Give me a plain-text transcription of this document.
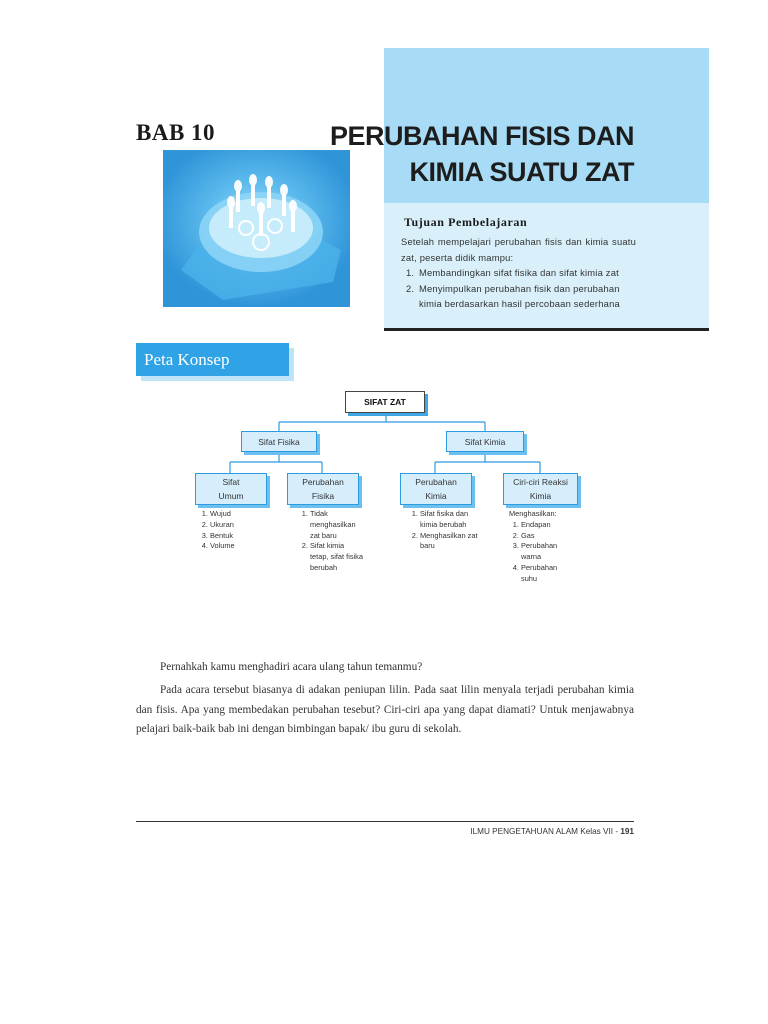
BAB 10	PERUBAHAN FISIS DAN
KIMIA SUATU ZAT
Tujuan Pembelajaran

Setelah mempelajari perubahan fisis dan kimia suatu zat, peserta didik mampu:

1. Membandingkan sifat fisika dan sifat kimia zat
2. Menyimpulkan perubahan fisik dan perubahan kimia berdasarkan hasil percobaan sederhana
Peta Konsep
SIFAT ZAT
Sifat Fisika	Sifat Kimia
Sifat
Umum
Perubahan
Fisika
Perubahan
Kimia
Ciri-ciri Reaksi
Kimia
1. Wujud
2. Ukuran
3. Bentuk
4. Volume
1. Tidak menghasilkan zat baru
2. Sifat kimia tetap, sifat fisika berubah
1. Sifat fisika dan kimia berubah
2. Menghasilkan zat baru
Menghasilkan:
1. Endapan
2. Gas
3. Perubahan warna
4. Perubahan suhu

Pernahkah kamu menghadiri acara ulang tahun temanmu?

Pada acara tersebut biasanya di adakan peniupan lilin. Pada saat lilin menyala terjadi perubahan kimia dan fisis. Apa yang membedakan perubahan tesebut? Ciri-ciri apa yang dapat diamati? Untuk menjawabnya pelajari baik-baik bab ini dengan bimbingan bapak/ ibu guru di sekolah.

ILMU PENGETAHUAN ALAM Kelas VII - 191
